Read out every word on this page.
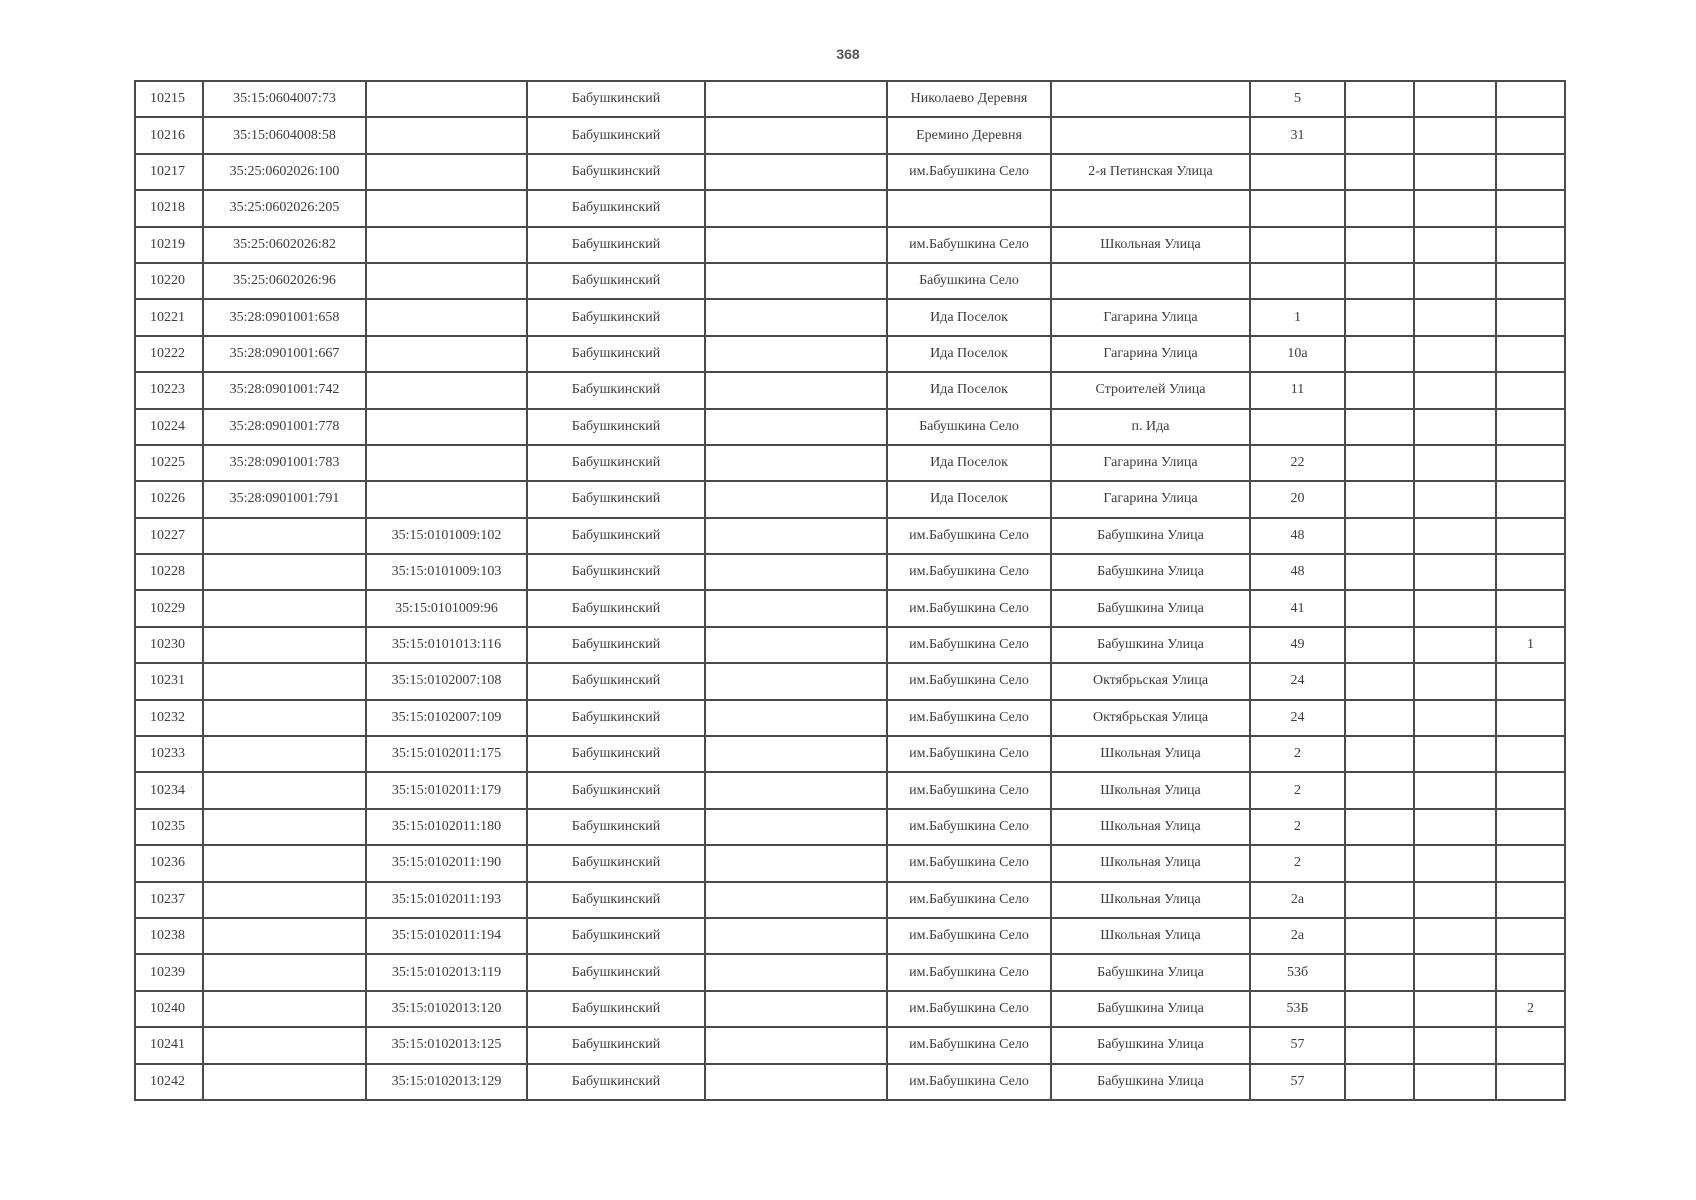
368
10215	35:15:0604007:73		Бабушкинский		Николаево Деревня		5			
10216	35:15:0604008:58		Бабушкинский		Еремино Деревня		31			
10217	35:25:0602026:100		Бабушкинский		им.Бабушкина Село	2-я Петинская Улица				
10218	35:25:0602026:205		Бабушкинский							
10219	35:25:0602026:82		Бабушкинский		им.Бабушкина Село	Школьная Улица				
10220	35:25:0602026:96		Бабушкинский		Бабушкина Село					
10221	35:28:0901001:658		Бабушкинский		Ида Поселок	Гагарина Улица	1			
10222	35:28:0901001:667		Бабушкинский		Ида Поселок	Гагарина Улица	10а			
10223	35:28:0901001:742		Бабушкинский		Ида Поселок	Строителей Улица	11			
10224	35:28:0901001:778		Бабушкинский		Бабушкина Село	п. Ида				
10225	35:28:0901001:783		Бабушкинский		Ида Поселок	Гагарина Улица	22			
10226	35:28:0901001:791		Бабушкинский		Ида Поселок	Гагарина Улица	20			
10227		35:15:0101009:102	Бабушкинский		им.Бабушкина Село	Бабушкина Улица	48			
10228		35:15:0101009:103	Бабушкинский		им.Бабушкина Село	Бабушкина Улица	48			
10229		35:15:0101009:96	Бабушкинский		им.Бабушкина Село	Бабушкина Улица	41			
10230		35:15:0101013:116	Бабушкинский		им.Бабушкина Село	Бабушкина Улица	49			1
10231		35:15:0102007:108	Бабушкинский		им.Бабушкина Село	Октябрьская Улица	24			
10232		35:15:0102007:109	Бабушкинский		им.Бабушкина Село	Октябрьская Улица	24			
10233		35:15:0102011:175	Бабушкинский		им.Бабушкина Село	Школьная Улица	2			
10234		35:15:0102011:179	Бабушкинский		им.Бабушкина Село	Школьная Улица	2			
10235		35:15:0102011:180	Бабушкинский		им.Бабушкина Село	Школьная Улица	2			
10236		35:15:0102011:190	Бабушкинский		им.Бабушкина Село	Школьная Улица	2			
10237		35:15:0102011:193	Бабушкинский		им.Бабушкина Село	Школьная Улица	2а			
10238		35:15:0102011:194	Бабушкинский		им.Бабушкина Село	Школьная Улица	2а			
10239		35:15:0102013:119	Бабушкинский		им.Бабушкина Село	Бабушкина Улица	53б			
10240		35:15:0102013:120	Бабушкинский		им.Бабушкина Село	Бабушкина Улица	53Б			2
10241		35:15:0102013:125	Бабушкинский		им.Бабушкина Село	Бабушкина Улица	57			
10242		35:15:0102013:129	Бабушкинский		им.Бабушкина Село	Бабушкина Улица	57			
